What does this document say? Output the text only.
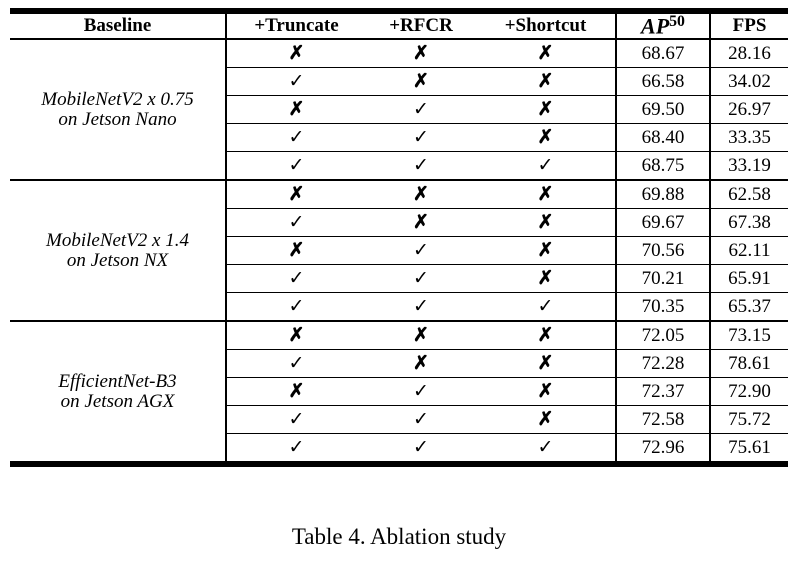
Baseline	+Truncate	+RFCR	+Shortcut	AP$^{50}$	FPS

MobileNetV2 x 0.75
on Jetson Nano	✗	✗	✗	68.67	28.16
	✓	✗	✗	66.58	34.02
	✗	✓	✗	69.50	26.97
	✓	✓	✗	68.40	33.35
	✓	✓	✓	68.75	33.19

MobileNetV2 x 1.4
on Jetson NX	✗	✗	✗	69.88	62.58
	✓	✗	✗	69.67	67.38
	✗	✓	✗	70.56	62.11
	✓	✓	✗	70.21	65.91
	✓	✓	✓	70.35	65.37

EfficientNet-B3
on Jetson AGX	✗	✗	✗	72.05	73.15
	✓	✗	✗	72.28	78.61
	✗	✓	✗	72.37	72.90
	✓	✓	✗	72.58	75.72
	✓	✓	✓	72.96	75.61

Table 4. Ablation study
